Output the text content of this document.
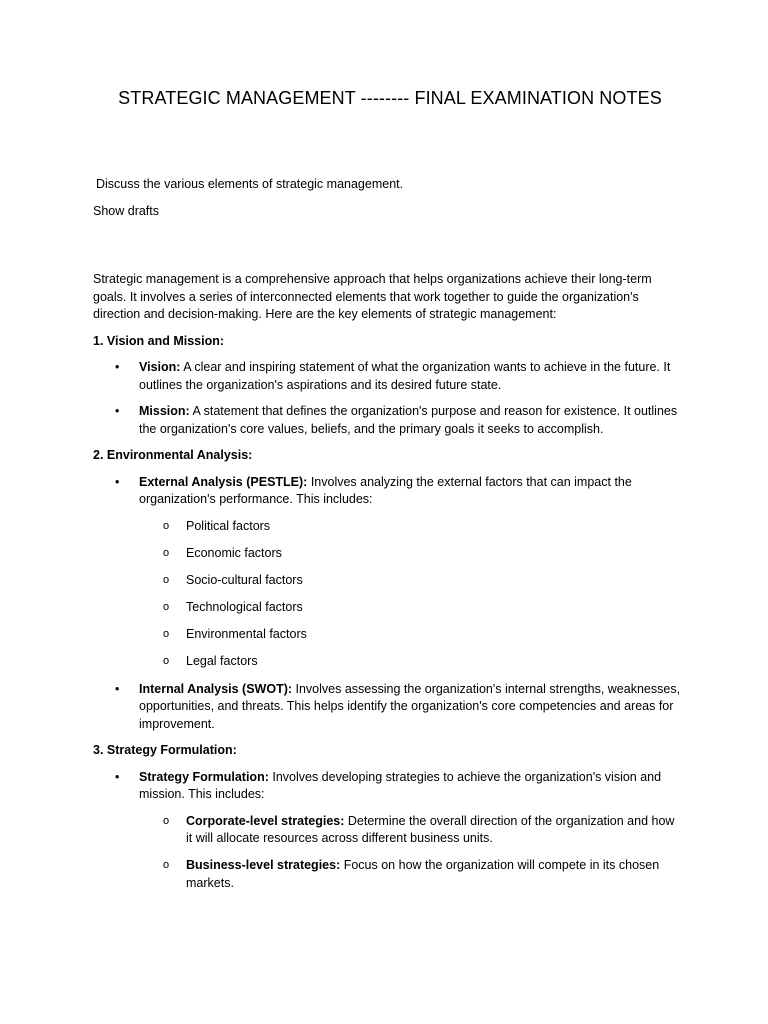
STRATEGIC MANAGEMENT -------- FINAL EXAMINATION NOTES

Discuss the various elements of strategic management.

Show drafts

Strategic management is a comprehensive approach that helps organizations achieve their long-term goals. It involves a series of interconnected elements that work together to guide the organization's direction and decision-making. Here are the key elements of strategic management:

1. Vision and Mission:

• Vision: A clear and inspiring statement of what the organization wants to achieve in the future. It outlines the organization's aspirations and its desired future state.
• Mission: A statement that defines the organization's purpose and reason for existence. It outlines the organization's core values, beliefs, and the primary goals it seeks to accomplish.

2. Environmental Analysis:

• External Analysis (PESTLE): Involves analyzing the external factors that can impact the organization's performance. This includes:
o Political factors
o Economic factors
o Socio-cultural factors
o Technological factors
o Environmental factors
o Legal factors
• Internal Analysis (SWOT): Involves assessing the organization's internal strengths, weaknesses, opportunities, and threats. This helps identify the organization's core competencies and areas for improvement.

3. Strategy Formulation:

• Strategy Formulation: Involves developing strategies to achieve the organization's vision and mission. This includes:
o Corporate-level strategies: Determine the overall direction of the organization and how it will allocate resources across different business units.
o Business-level strategies: Focus on how the organization will compete in its chosen markets.
